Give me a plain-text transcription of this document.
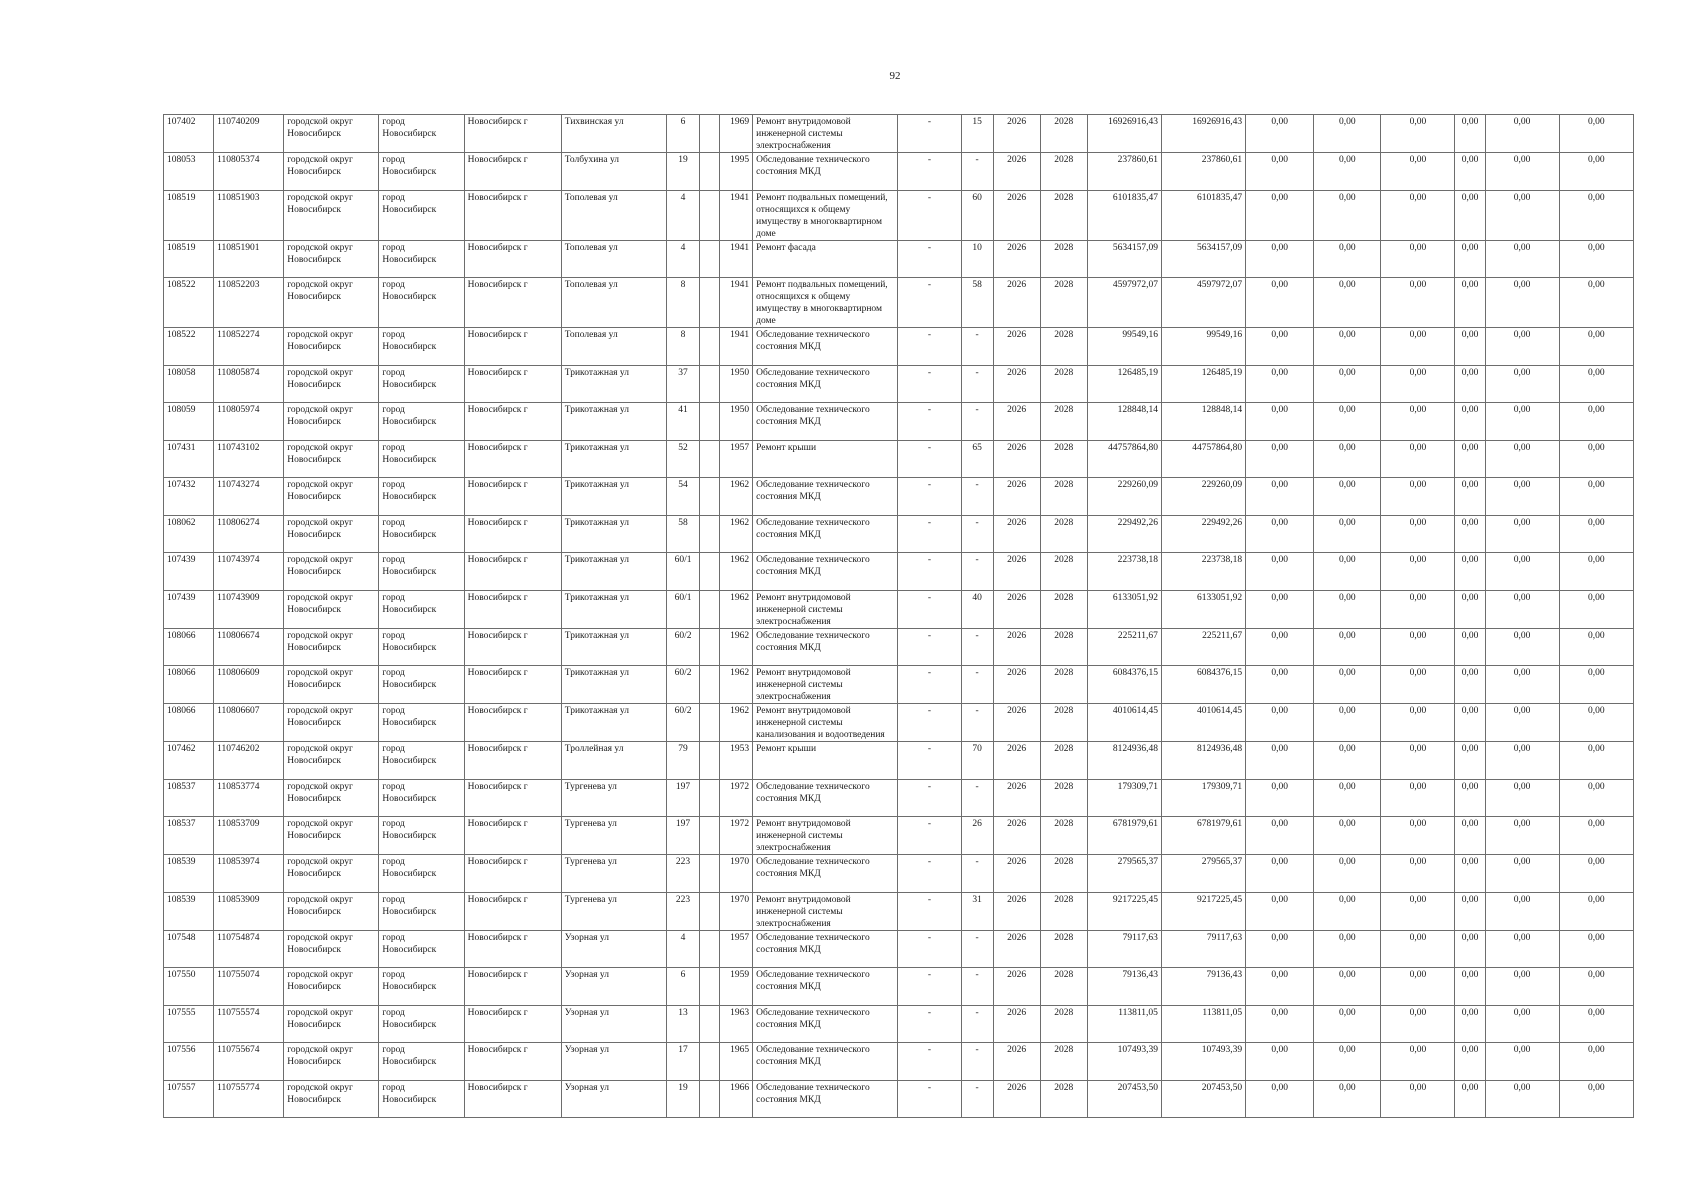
92
107402	110740209	городской округ Новосибирск	город Новосибирск	Новосибирск г	Тихвинская ул	6		1969	Ремонт внутридомовой инженерной системы электроснабжения	-	15	2026	2028	16926916,43	16926916,43	0,00	0,00	0,00	0,00	0,00	0,00
108053	110805374	городской округ Новосибирск	город Новосибирск	Новосибирск г	Толбухина ул	19		1995	Обследование технического состояния МКД	-	-	2026	2028	237860,61	237860,61	0,00	0,00	0,00	0,00	0,00	0,00
108519	110851903	городской округ Новосибирск	город Новосибирск	Новосибирск г	Тополевая ул	4		1941	Ремонт подвальных помещений, относящихся к общему имуществу в многоквартирном доме	-	60	2026	2028	6101835,47	6101835,47	0,00	0,00	0,00	0,00	0,00	0,00
108519	110851901	городской округ Новосибирск	город Новосибирск	Новосибирск г	Тополевая ул	4		1941	Ремонт фасада	-	10	2026	2028	5634157,09	5634157,09	0,00	0,00	0,00	0,00	0,00	0,00
108522	110852203	городской округ Новосибирск	город Новосибирск	Новосибирск г	Тополевая ул	8		1941	Ремонт подвальных помещений, относящихся к общему имуществу в многоквартирном доме	-	58	2026	2028	4597972,07	4597972,07	0,00	0,00	0,00	0,00	0,00	0,00
108522	110852274	городской округ Новосибирск	город Новосибирск	Новосибирск г	Тополевая ул	8		1941	Обследование технического состояния МКД	-	-	2026	2028	99549,16	99549,16	0,00	0,00	0,00	0,00	0,00	0,00
108058	110805874	городской округ Новосибирск	город Новосибирск	Новосибирск г	Трикотажная ул	37		1950	Обследование технического состояния МКД	-	-	2026	2028	126485,19	126485,19	0,00	0,00	0,00	0,00	0,00	0,00
108059	110805974	городской округ Новосибирск	город Новосибирск	Новосибирск г	Трикотажная ул	41		1950	Обследование технического состояния МКД	-	-	2026	2028	128848,14	128848,14	0,00	0,00	0,00	0,00	0,00	0,00
107431	110743102	городской округ Новосибирск	город Новосибирск	Новосибирск г	Трикотажная ул	52		1957	Ремонт крыши	-	65	2026	2028	44757864,80	44757864,80	0,00	0,00	0,00	0,00	0,00	0,00
107432	110743274	городской округ Новосибирск	город Новосибирск	Новосибирск г	Трикотажная ул	54		1962	Обследование технического состояния МКД	-	-	2026	2028	229260,09	229260,09	0,00	0,00	0,00	0,00	0,00	0,00
108062	110806274	городской округ Новосибирск	город Новосибирск	Новосибирск г	Трикотажная ул	58		1962	Обследование технического состояния МКД	-	-	2026	2028	229492,26	229492,26	0,00	0,00	0,00	0,00	0,00	0,00
107439	110743974	городской округ Новосибирск	город Новосибирск	Новосибирск г	Трикотажная ул	60/1		1962	Обследование технического состояния МКД	-	-	2026	2028	223738,18	223738,18	0,00	0,00	0,00	0,00	0,00	0,00
107439	110743909	городской округ Новосибирск	город Новосибирск	Новосибирск г	Трикотажная ул	60/1		1962	Ремонт внутридомовой инженерной системы электроснабжения	-	40	2026	2028	6133051,92	6133051,92	0,00	0,00	0,00	0,00	0,00	0,00
108066	110806674	городской округ Новосибирск	город Новосибирск	Новосибирск г	Трикотажная ул	60/2		1962	Обследование технического состояния МКД	-	-	2026	2028	225211,67	225211,67	0,00	0,00	0,00	0,00	0,00	0,00
108066	110806609	городской округ Новосибирск	город Новосибирск	Новосибирск г	Трикотажная ул	60/2		1962	Ремонт внутридомовой инженерной системы электроснабжения	-	-	2026	2028	6084376,15	6084376,15	0,00	0,00	0,00	0,00	0,00	0,00
108066	110806607	городской округ Новосибирск	город Новосибирск	Новосибирск г	Трикотажная ул	60/2		1962	Ремонт внутридомовой инженерной системы канализования и водоотведения	-	-	2026	2028	4010614,45	4010614,45	0,00	0,00	0,00	0,00	0,00	0,00
107462	110746202	городской округ Новосибирск	город Новосибирск	Новосибирск г	Троллейная ул	79		1953	Ремонт крыши	-	70	2026	2028	8124936,48	8124936,48	0,00	0,00	0,00	0,00	0,00	0,00
108537	110853774	городской округ Новосибирск	город Новосибирск	Новосибирск г	Тургенева ул	197		1972	Обследование технического состояния МКД	-	-	2026	2028	179309,71	179309,71	0,00	0,00	0,00	0,00	0,00	0,00
108537	110853709	городской округ Новосибирск	город Новосибирск	Новосибирск г	Тургенева ул	197		1972	Ремонт внутридомовой инженерной системы электроснабжения	-	26	2026	2028	6781979,61	6781979,61	0,00	0,00	0,00	0,00	0,00	0,00
108539	110853974	городской округ Новосибирск	город Новосибирск	Новосибирск г	Тургенева ул	223		1970	Обследование технического состояния МКД	-	-	2026	2028	279565,37	279565,37	0,00	0,00	0,00	0,00	0,00	0,00
108539	110853909	городской округ Новосибирск	город Новосибирск	Новосибирск г	Тургенева ул	223		1970	Ремонт внутридомовой инженерной системы электроснабжения	-	31	2026	2028	9217225,45	9217225,45	0,00	0,00	0,00	0,00	0,00	0,00
107548	110754874	городской округ Новосибирск	город Новосибирск	Новосибирск г	Узорная ул	4		1957	Обследование технического состояния МКД	-	-	2026	2028	79117,63	79117,63	0,00	0,00	0,00	0,00	0,00	0,00
107550	110755074	городской округ Новосибирск	город Новосибирск	Новосибирск г	Узорная ул	6		1959	Обследование технического состояния МКД	-	-	2026	2028	79136,43	79136,43	0,00	0,00	0,00	0,00	0,00	0,00
107555	110755574	городской округ Новосибирск	город Новосибирск	Новосибирск г	Узорная ул	13		1963	Обследование технического состояния МКД	-	-	2026	2028	113811,05	113811,05	0,00	0,00	0,00	0,00	0,00	0,00
107556	110755674	городской округ Новосибирск	город Новосибирск	Новосибирск г	Узорная ул	17		1965	Обследование технического состояния МКД	-	-	2026	2028	107493,39	107493,39	0,00	0,00	0,00	0,00	0,00	0,00
107557	110755774	городской округ Новосибирск	город Новосибирск	Новосибирск г	Узорная ул	19		1966	Обследование технического состояния МКД	-	-	2026	2028	207453,50	207453,50	0,00	0,00	0,00	0,00	0,00	0,00
